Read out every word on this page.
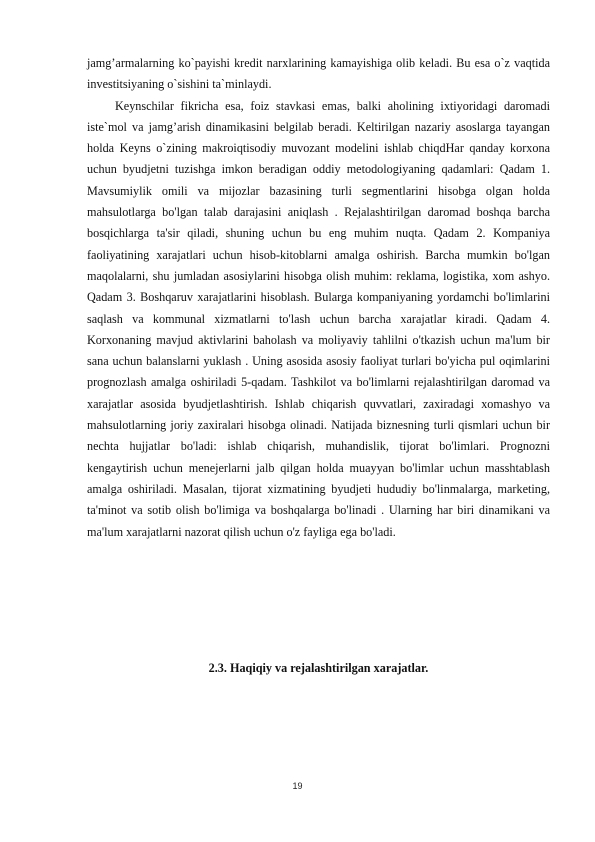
jamg’armalarning ko`payishi kredit narxlarining kamayishiga olib keladi. Bu esa o`z vaqtida investitsiyaning o`sishini ta`minlaydi.

Keynschilar fikricha esa, foiz stavkasi emas, balki aholining ixtiyoridagi daromadi iste`mol va jamg’arish dinamikasini belgilab beradi. Keltirilgan nazariy asoslarga tayangan holda Keyns o`zining makroiqtisodiy muvozant modelini ishlab chiqdHar qanday korxona uchun byudjetni tuzishga imkon beradigan oddiy metodologiyaning qadamlari: Qadam 1. Mavsumiylik omili va mijozlar bazasining turli segmentlarini hisobga olgan holda mahsulotlarga bo'lgan talab darajasini aniqlash . Rejalashtirilgan daromad boshqa barcha bosqichlarga ta'sir qiladi, shuning uchun bu eng muhim nuqta. Qadam 2. Kompaniya faoliyatining xarajatlari uchun hisob-kitoblarni amalga oshirish. Barcha mumkin bo'lgan maqolalarni, shu jumladan asosiylarini hisobga olish muhim: reklama, logistika, xom ashyo. Qadam 3. Boshqaruv xarajatlarini hisoblash. Bularga kompaniyaning yordamchi bo'limlarini saqlash va kommunal xizmatlarni to'lash uchun barcha xarajatlar kiradi. Qadam 4. Korxonaning mavjud aktivlarini baholash va moliyaviy tahlilni o'tkazish uchun ma'lum bir sana uchun balanslarni yuklash . Uning asosida asosiy faoliyat turlari bo'yicha pul oqimlarini prognozlash amalga oshiriladi 5-qadam. Tashkilot va bo'limlarni rejalashtirilgan daromad va xarajatlar asosida byudjetlashtirish. Ishlab chiqarish quvvatlari, zaxiradagi xomashyo va mahsulotlarning joriy zaxiralari hisobga olinadi. Natijada biznesning turli qismlari uchun bir nechta hujjatlar bo'ladi: ishlab chiqarish, muhandislik, tijorat bo'limlari. Prognozni kengaytirish uchun menejerlarni jalb qilgan holda muayyan bo'limlar uchun masshtablash amalga oshiriladi. Masalan, tijorat xizmatining byudjeti hududiy bo'linmalarga, marketing, ta'minot va sotib olish bo'limiga va boshqalarga bo'linadi . Ularning har biri dinamikani va ma'lum xarajatlarni nazorat qilish uchun o'z fayliga ega bo'ladi.

2.3. Haqiqiy va rejalashtirilgan xarajatlar.
19
